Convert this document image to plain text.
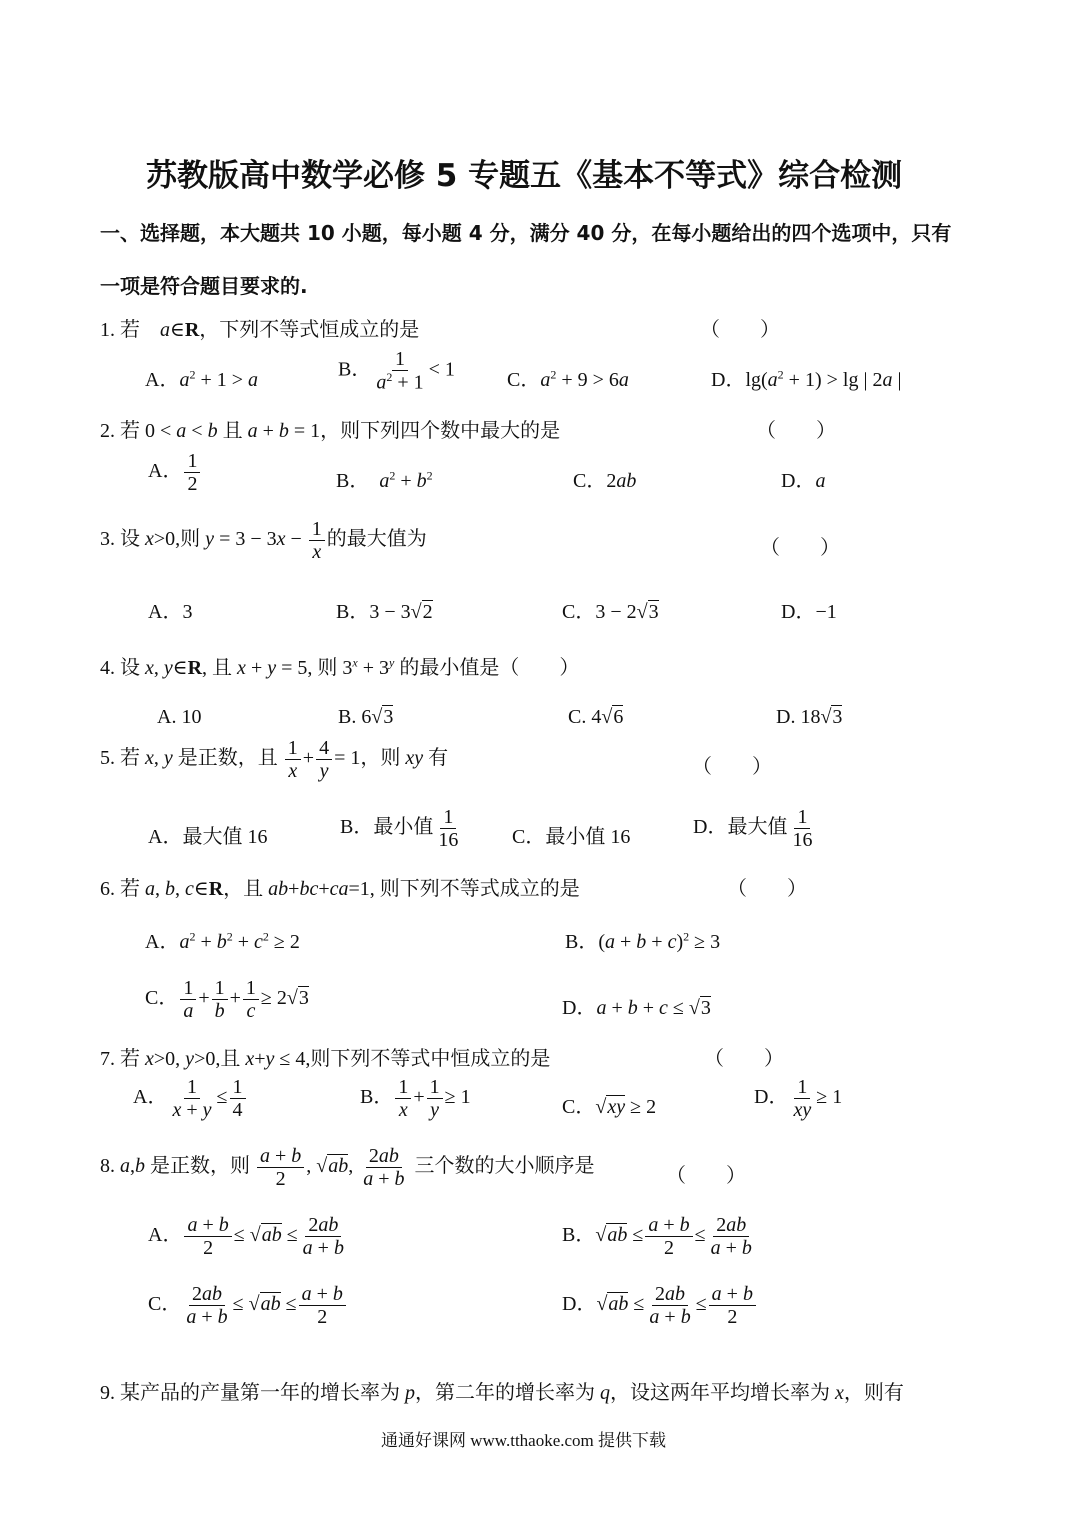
苏教版高中数学必修 5 专题五《基本不等式》综合检测
一、选择题，本大题共 10 小题，每小题 4 分，满分 40 分，在每小题给出的四个选项中，只有
一项是符合题目要求的.
1. 若　a∈R，下列不等式恒成立的是	（　　）
A．$a^2 + 1 > a$	B． $\frac{1}{a^2 + 1} < 1$	C．$a^2 + 9 > 6a$	D．$\lg(a^2 + 1) > \lg$ | 2a |
2. 若 0 < a < b 且 a + b = 1，则下列四个数中最大的是	（　　）
A． $\frac{1}{2}$	B．　$a^2 + b^2$	C．2ab	D．a
3. 设 x>0,则 $y = 3 - 3x - \frac{1}{x}$ 的最大值为	（　　）
A．3	B．3 − 3√2	C．3 − 2√3	D．−1
4. 设 x, y∈R, 且 x + y = 5, 则 $3^x + 3^y$ 的最小值是（　　）
A. 10	B. 6√3	C. 4√6	D. 18√3
5. 若 x, y 是正数，且 $\frac{1}{x} + \frac{4}{y} = 1$，则 xy 有	（　　）
A．最大值 16	B．最小值 $\frac{1}{16}$	C．最小值 16	D．最大值 $\frac{1}{16}$
6. 若 a, b, c∈R，且 ab+bc+ca=1, 则下列不等式成立的是	（　　）
A．$a^2 + b^2 + c^2 \ge 2$	B．$(a + b + c)^2 \ge 3$
C． $\frac{1}{a} + \frac{1}{b} + \frac{1}{c} \ge 2√3$	D．a + b + c ≤ √3
7. 若 x>0, y>0,且 x+y ≤ 4,则下列不等式中恒成立的是	（　　）
A． $\frac{1}{x + y} \le \frac{1}{4}$	B． $\frac{1}{x} + \frac{1}{y} \ge 1$	C．√xy ≥ 2	D． $\frac{1}{xy} \ge 1$
8. a,b 是正数，则 $\frac{a + b}{2}$ , √ab, $\frac{2ab}{a + b}$ 三个数的大小顺序是	（　　）
A． $\frac{a + b}{2} \le √ab \le \frac{2ab}{a + b}$	B．$√ab \le \frac{a + b}{2} \le \frac{2ab}{a + b}$
C． $\frac{2ab}{a + b} \le √ab \le \frac{a + b}{2}$	D．$√ab \le \frac{2ab}{a + b} \le \frac{a + b}{2}$
9. 某产品的产量第一年的增长率为 p，第二年的增长率为 q，设这两年平均增长率为 x，则有
通通好课网 www.tthaoke.com 提供下载
